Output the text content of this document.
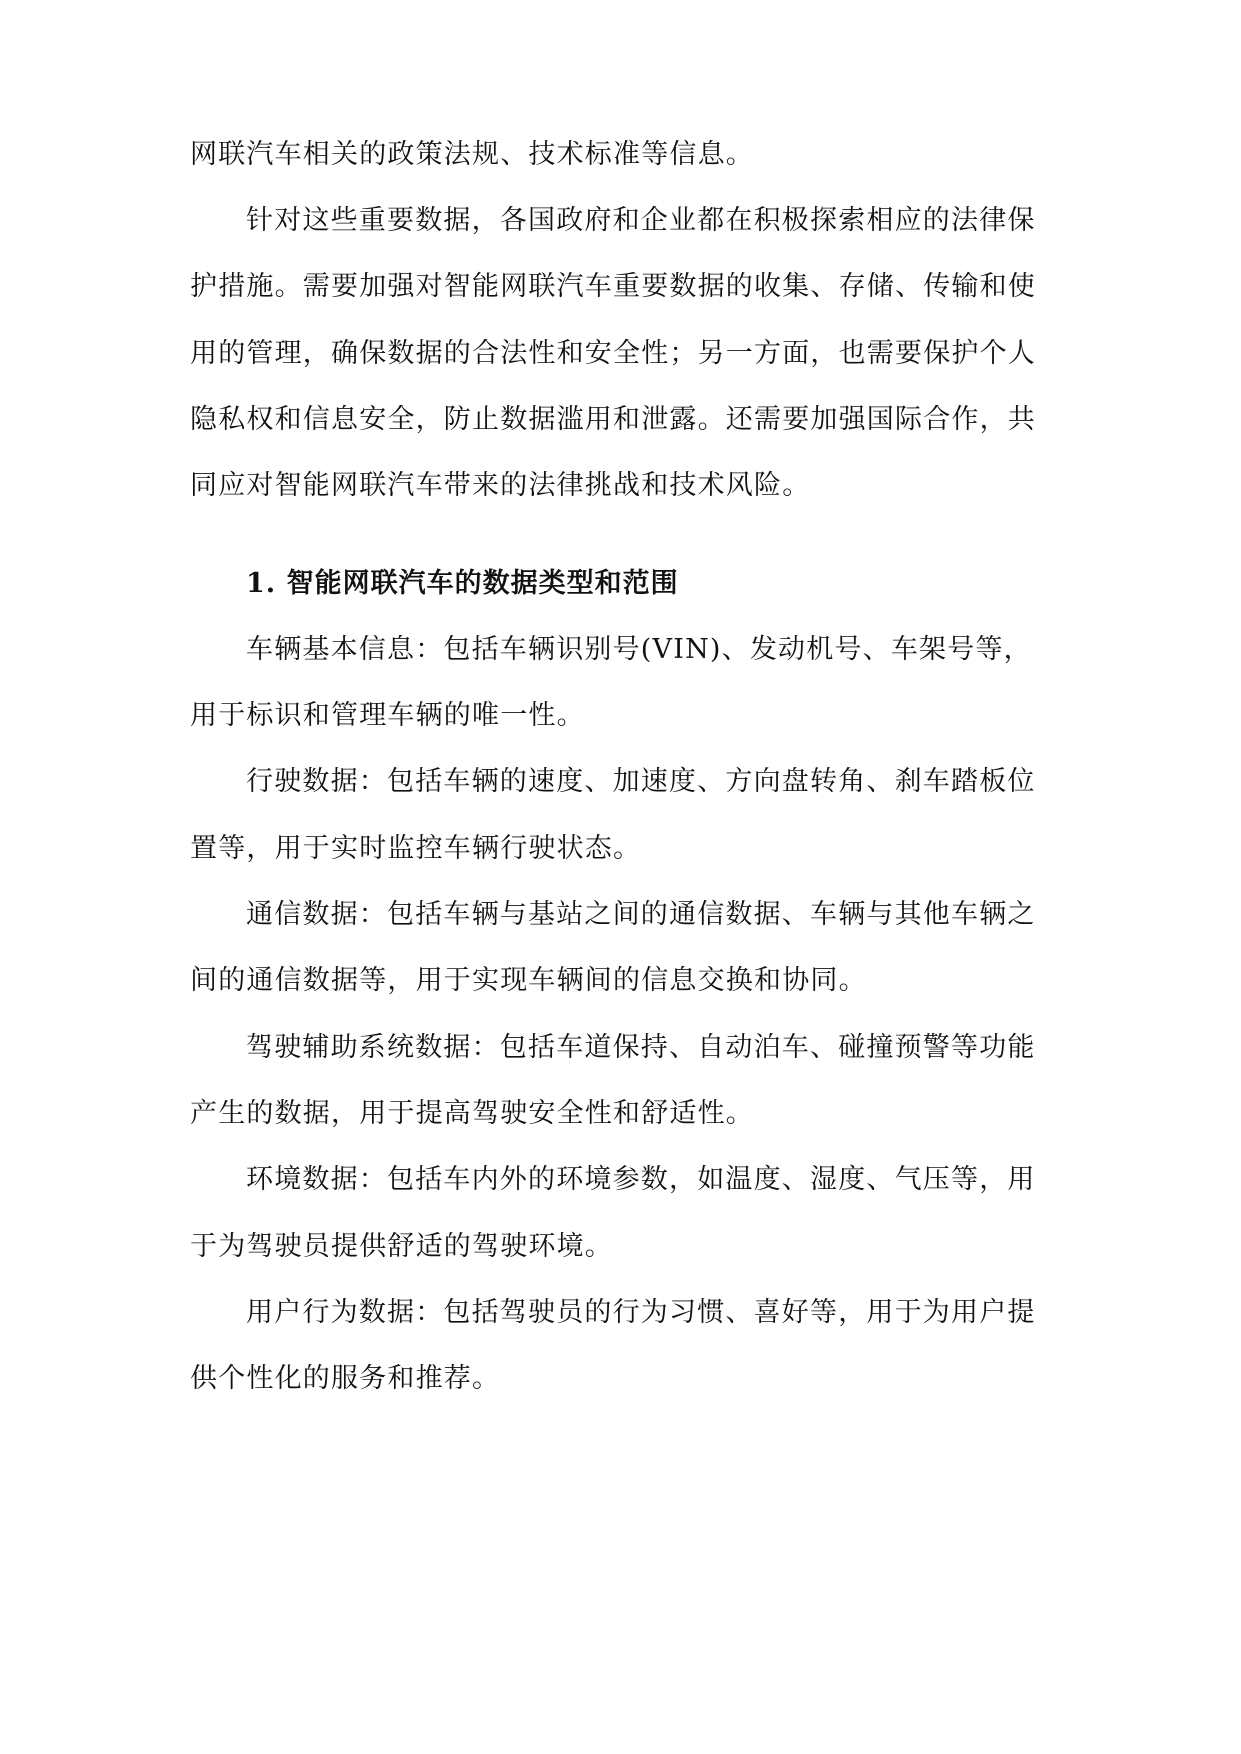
网联汽车相关的政策法规、技术标准等信息。
针对这些重要数据，各国政府和企业都在积极探索相应的法律保
护措施。需要加强对智能网联汽车重要数据的收集、存储、传输和使
用的管理，确保数据的合法性和安全性；另一方面，也需要保护个人
隐私权和信息安全，防止数据滥用和泄露。还需要加强国际合作，共
同应对智能网联汽车带来的法律挑战和技术风险。
1. 智能网联汽车的数据类型和范围
车辆基本信息：包括车辆识别号(VIN)、发动机号、车架号等，
用于标识和管理车辆的唯一性。
行驶数据：包括车辆的速度、加速度、方向盘转角、刹车踏板位
置等，用于实时监控车辆行驶状态。
通信数据：包括车辆与基站之间的通信数据、车辆与其他车辆之
间的通信数据等，用于实现车辆间的信息交换和协同。
驾驶辅助系统数据：包括车道保持、自动泊车、碰撞预警等功能
产生的数据，用于提高驾驶安全性和舒适性。
环境数据：包括车内外的环境参数，如温度、湿度、气压等，用
于为驾驶员提供舒适的驾驶环境。
用户行为数据：包括驾驶员的行为习惯、喜好等，用于为用户提
供个性化的服务和推荐。
